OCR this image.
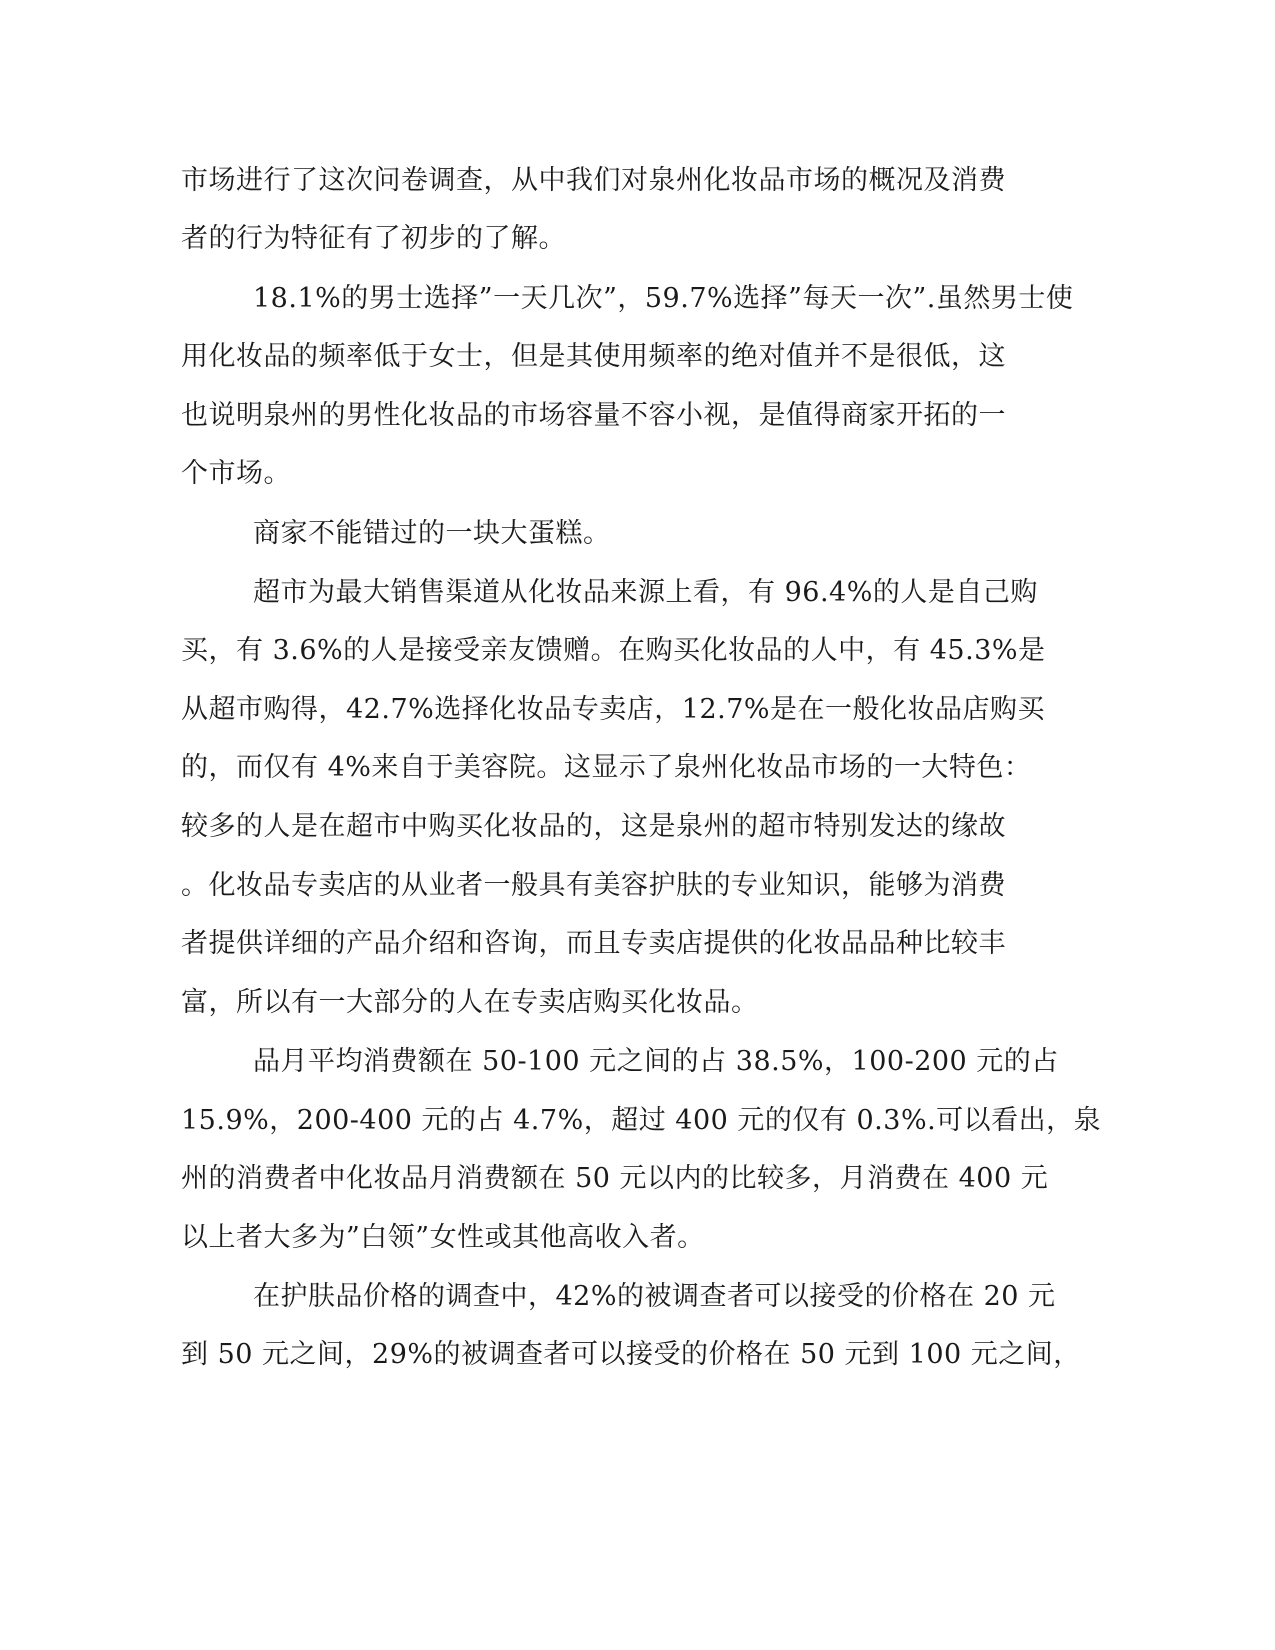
市场进行了这次问卷调查，从中我们对泉州化妆品市场的概况及消费
者的行为特征有了初步的了解。
18.1%的男士选择”一天几次”，59.7%选择”每天一次”.虽然男士使
用化妆品的频率低于女士，但是其使用频率的绝对值并不是很低，这
也说明泉州的男性化妆品的市场容量不容小视，是值得商家开拓的一
个市场。
商家不能错过的一块大蛋糕。
超市为最大销售渠道从化妆品来源上看，有 96.4%的人是自己购
买，有 3.6%的人是接受亲友馈赠。在购买化妆品的人中，有 45.3%是
从超市购得，42.7%选择化妆品专卖店，12.7%是在一般化妆品店购买
的，而仅有 4%来自于美容院。这显示了泉州化妆品市场的一大特色：
较多的人是在超市中购买化妆品的，这是泉州的超市特别发达的缘故
。化妆品专卖店的从业者一般具有美容护肤的专业知识，能够为消费
者提供详细的产品介绍和咨询，而且专卖店提供的化妆品品种比较丰
富，所以有一大部分的人在专卖店购买化妆品。
品月平均消费额在 50-100 元之间的占 38.5%，100-200 元的占
15.9%，200-400 元的占 4.7%，超过 400 元的仅有 0.3%.可以看出，泉
州的消费者中化妆品月消费额在 50 元以内的比较多，月消费在 400 元
以上者大多为”白领”女性或其他高收入者。
在护肤品价格的调查中，42%的被调查者可以接受的价格在 20 元
到 50 元之间，29%的被调查者可以接受的价格在 50 元到 100 元之间，
